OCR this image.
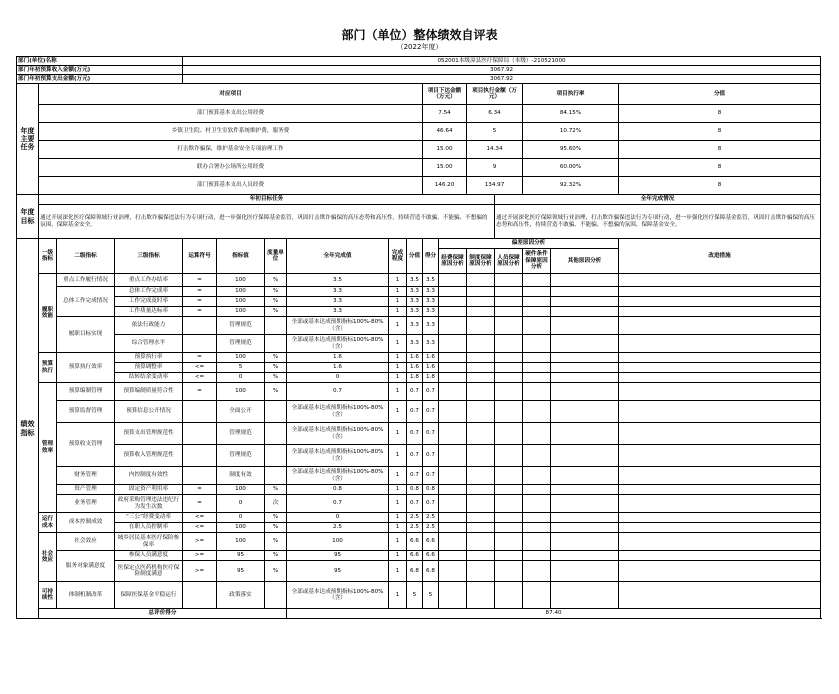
部门（单位）整体绩效自评表
（2022年度）
部门(单位)名称				052001本级漳县医疗保障局（本级）-210521000												
部门年初预算收入金额(万元)				3067.92												
部门年初预算支出金额(万元)				3067.92												
年度主要任务	对应项目									项目下达金额（万元）		项目执行金额（万元）		项目执行率		分值
	部门预算基本支出公用经费									7.54		6.34		84.15%		8
	乡镇卫生院、村卫生室软件系统维护费，服务费									46.64		5		10.72%		8
	打击欺诈骗保，维护基金安全专项治理工作									15.00		14.34		95.60%		8
	联办合署办公场所公用经费									15.00		9		60.00%		8
	部门预算基本支出人员经费									146.20		134.97		92.32%		8
年度目标	年初目标任务												全年完成情况			
	通过开展深化医疗保障领域行业治理，打击欺诈骗保违法行为专项行动，进一步强化医疗保障基金监管，巩固打击欺诈骗保的高压态势和高压性，持续营造不敢骗、不能骗、不想骗的氛围，保障基金安全。												通过开展深化医疗保障领域行业治理，打击欺诈骗保违法行为专项行动，进一步强化医疗保障基金监管，巩固打击欺诈骗保的高压态势和高压性，持续营造不敢骗、不能骗、不想骗的氛围，保障基金安全。			
绩效指标	一级指标	二级指标	三级指标	运算符号	指标值	度量单位	全年完成值	完成程度	分值	得分	偏差原因分析					改进措施
											经费保障原因分析	制度保障原因分析	人员保障原因分析	硬件条件保障原因分析	其他原因分析	
	履职效能	重点工作履行情况	重点工作办结率	=	100	%	3.5	1	3.5	3.5						
		总体工作完成情况	总体工作完成率	=	100	%	3.3	1	3.3	3.3						
			工作完成及时率	=	100	%	3.3	1	3.3	3.3						
			工作质量达标率	=	100	%	3.3	1	3.3	3.3						
		履职目标实现	依法行政能力		管理规范		全部或基本达成预期指标100%-80%（含）	1	3.3	3.3						
			综合管理水平		管理规范		全部或基本达成预期指标100%-80%（含）	1	3.3	3.3						
	预算执行	预算执行效率	预算执行率	=	100	%	1.6	1	1.6	1.6						
			预算调整率	<=	5	%	1.6	1	1.6	1.6						
			结转结余变动率	<=	0	%	0	1	1.8	1.8						
	管理效率	预算编制管理	预算编制质量符合性	=	100	%	0.7	1	0.7	0.7						
		预算监督管理	预算信息公开情况		全面公开		全部或基本达成预期指标100%-80%（含）	1	0.7	0.7						
		预算收支管理	预算支出管理规范性		管理规范		全部或基本达成预期指标100%-80%（含）	1	0.7	0.7						
			预算收入管理规范性		管理规范		全部或基本达成预期指标100%-80%（含）	1	0.7	0.7						
		财务管理	内控制度有效性		制度有效		全部或基本达成预期指标100%-80%（含）	1	0.7	0.7						
		资产管理	固定资产利用率	=	100	%	0.8	1	0.8	0.8						
		业务管理	政府采购管理违法违纪行为发生次数	=	0	次	0.7	1	0.7	0.7						
	运行成本	成本控制成效	“三公”经费变动率	<=	0	%	0	1	2.5	2.5						
			在职人员控制率	<=	100	%	2.5	1	2.5	2.5						
	社会效应	社会效应	城乡居民基本医疗保险参保率	>=	100	%	100	1	6.6	6.6						
		服务对象满意度	参保人员满意度	>=	95	%	95	1	6.6	6.6						
			医保定点医药机构医疗保险制度满意	>=	95	%	95	1	6.8	6.8						
	可持续性	体制机制改革	保障医保基金平稳运行		政策落实		全部或基本达成预期指标100%-80%（含）	1	5	5						
	总评价得分						87.40									
